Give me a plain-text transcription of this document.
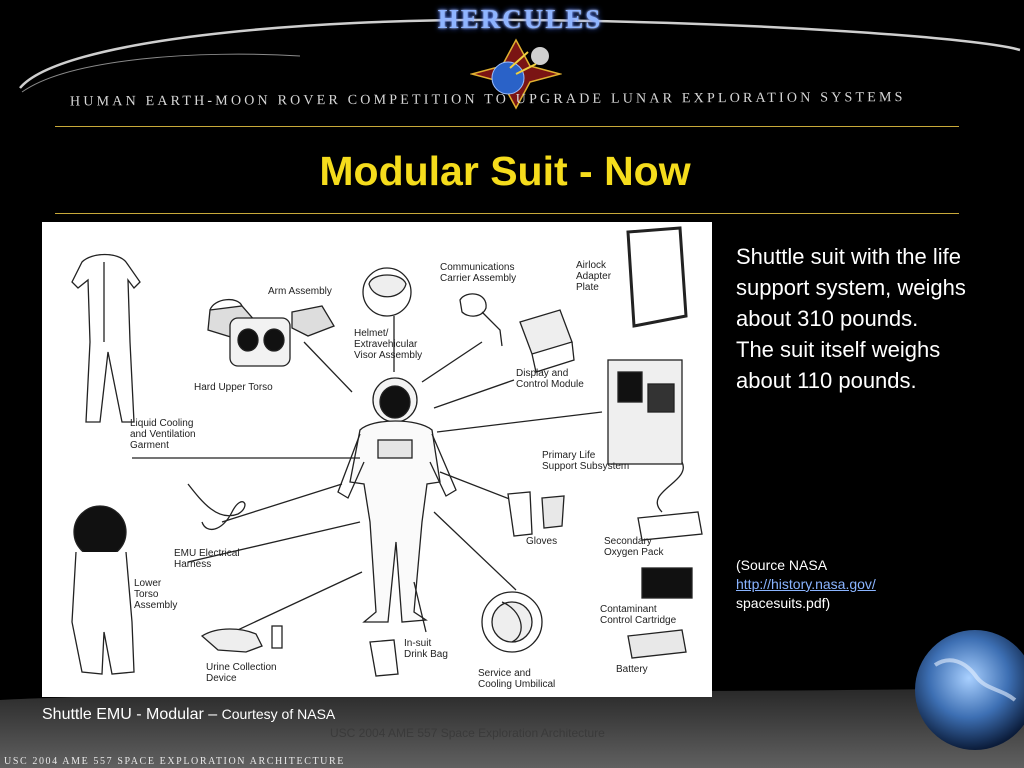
HERCULES
HUMAN EARTH-MOON ROVER COMPETITION TO UPGRADE LUNAR EXPLORATION SYSTEMS
Modular Suit - Now
Arm Assembly
Helmet/
Extravehicular
Visor Assembly
Communications
Carrier Assembly
Airlock
Adapter
Plate
Display and
Control Module
Hard Upper Torso
Liquid Cooling
and Ventilation
Garment
Primary Life
Support Subsystem
Gloves	Secondary
Oxygen Pack
EMU Electrical
Harness
Lower
Torso
Assembly	Contaminant
Control Cartridge
In-suit
Drink Bag
Battery
Urine Collection
Device	Service and
Cooling Umbilical
Shuttle suit with the life support system, weighs about 310 pounds.
The suit itself weighs about 110 pounds.
(Source NASA
http://history.nasa.gov/
spacesuits.pdf)
Shuttle EMU - Modular – Courtesy of NASA
USC 2004 AME 557 Space Exploration Architecture
USC 2004 AME 557 SPACE EXPLORATION ARCHITECTURE
